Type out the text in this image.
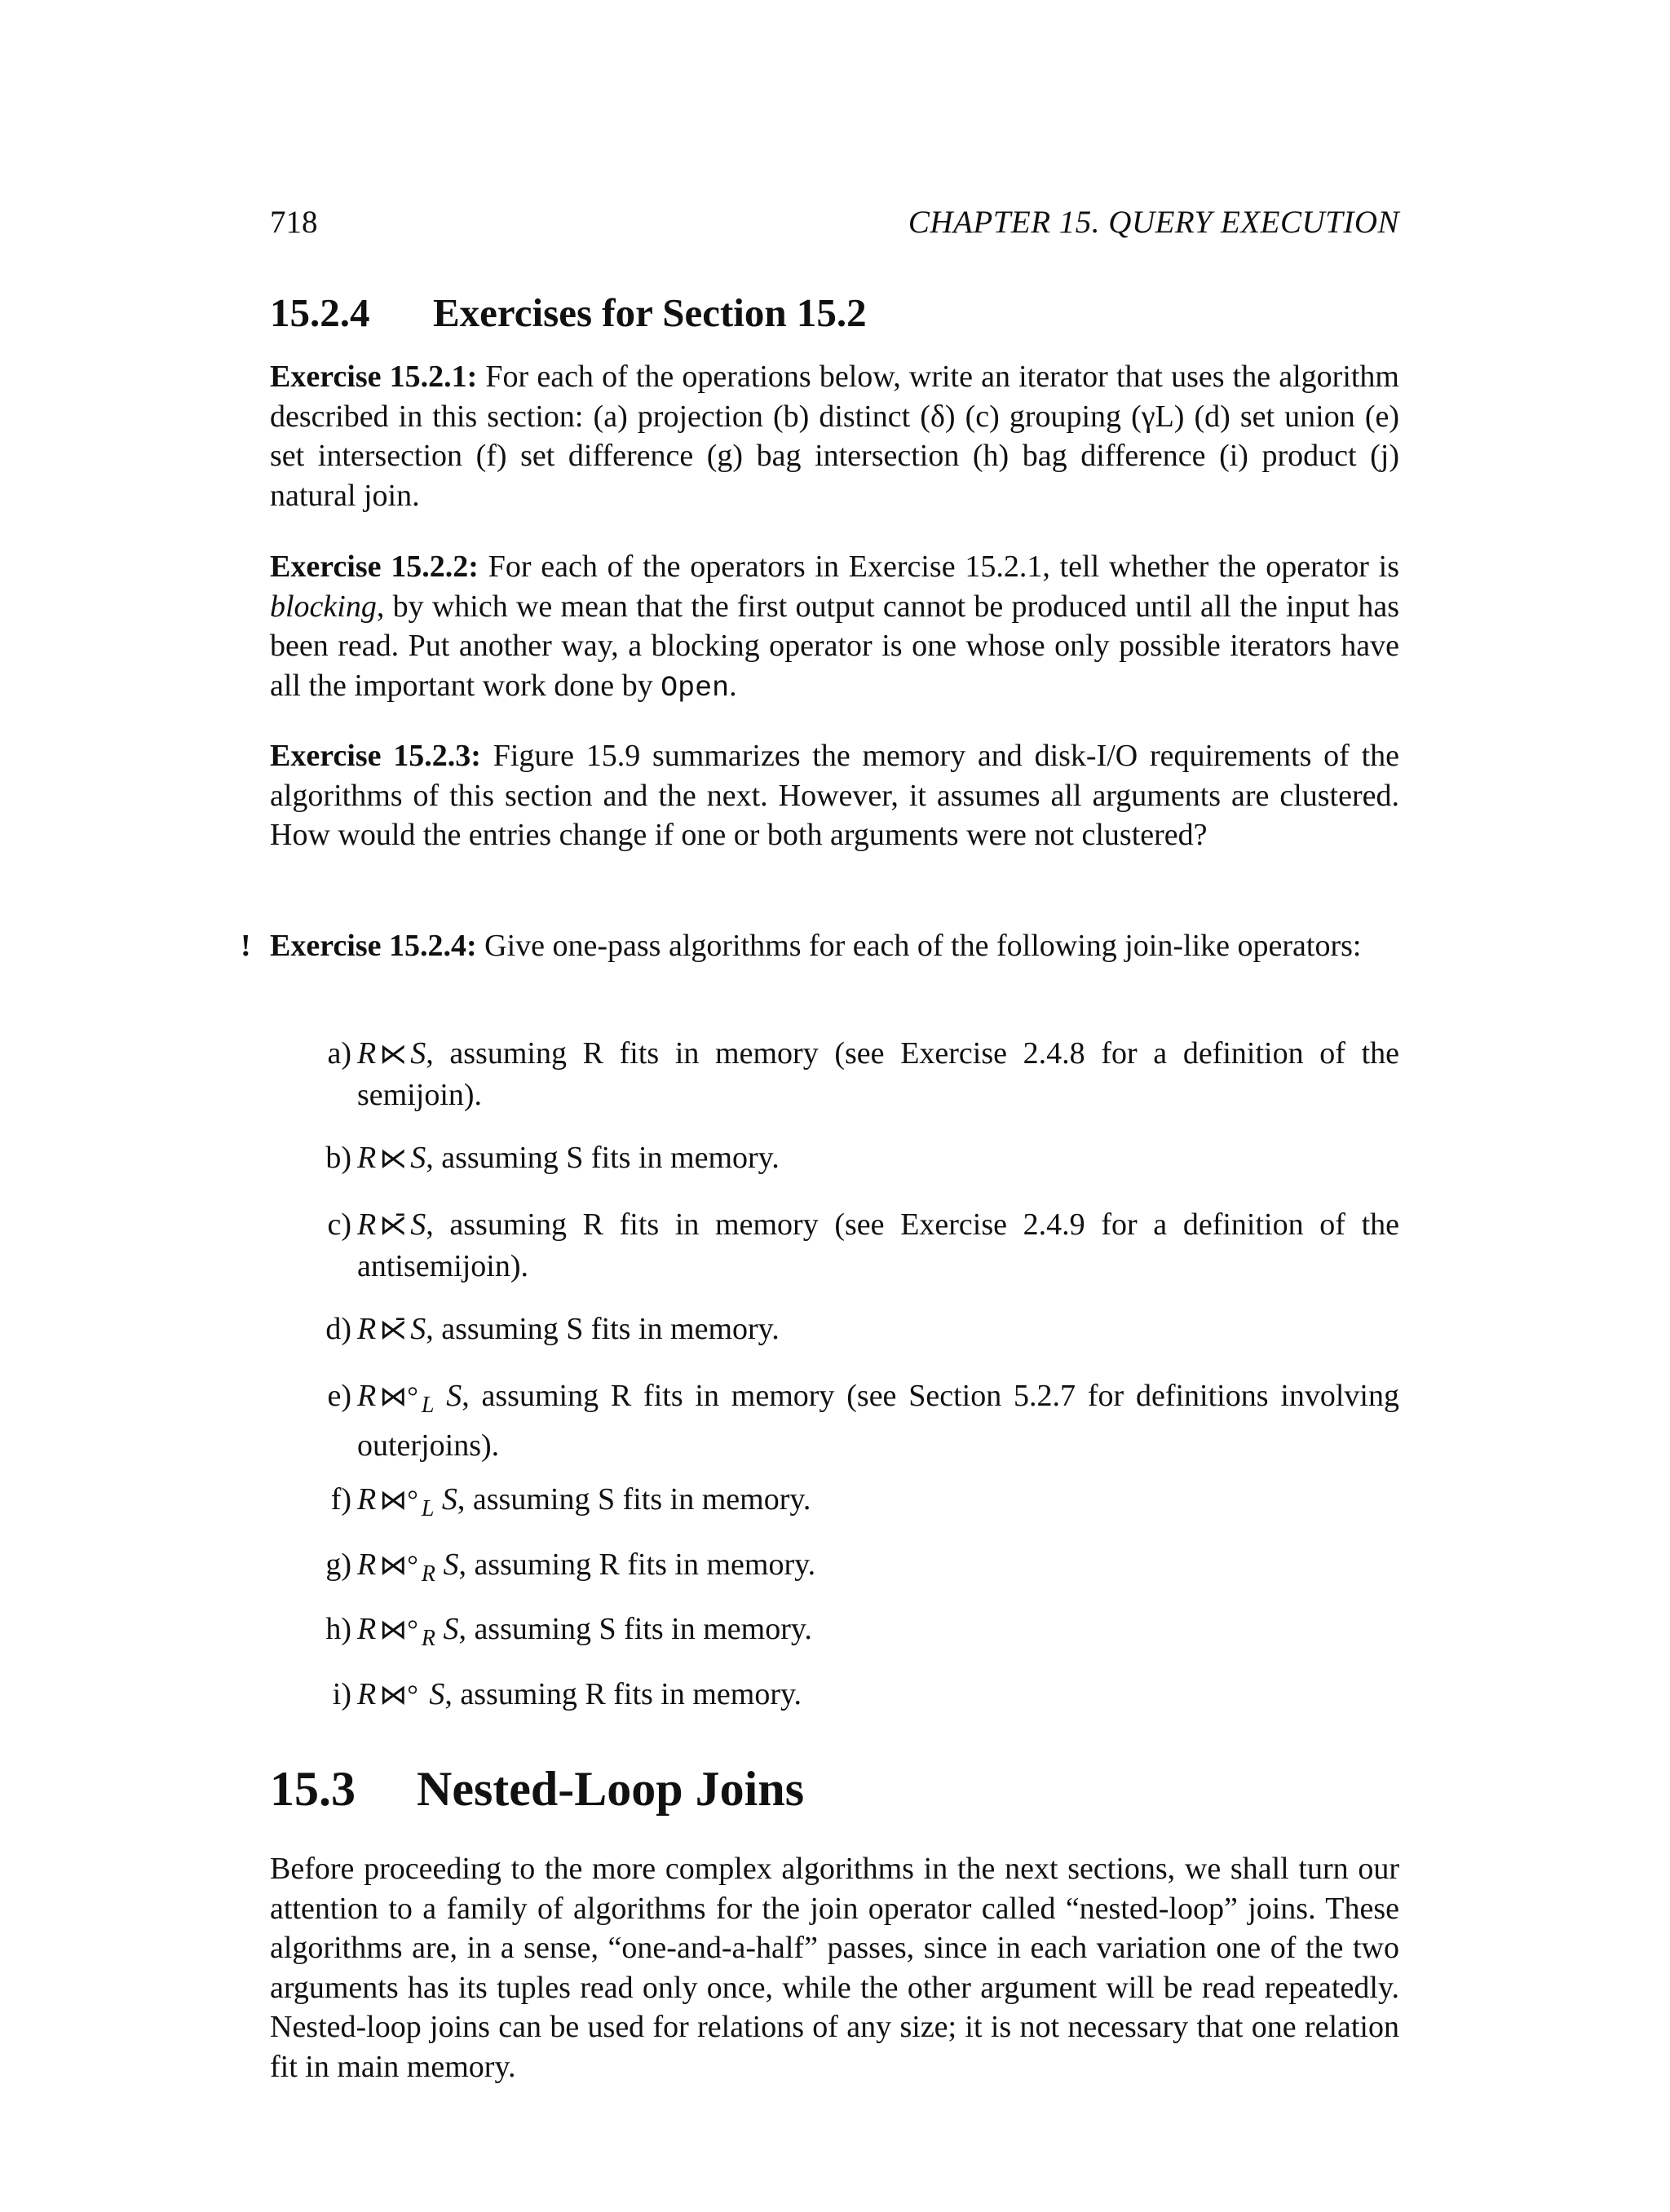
718	CHAPTER 15. QUERY EXECUTION
15.2.4 Exercises for Section 15.2
Exercise 15.2.1: For each of the operations below, write an iterator that uses the algorithm described in this section: (a) projection (b) distinct (δ) (c) grouping (γL) (d) set union (e) set intersection (f) set difference (g) bag intersection (h) bag difference (i) product (j) natural join.
Exercise 15.2.2: For each of the operators in Exercise 15.2.1, tell whether the operator is blocking, by which we mean that the first output cannot be produced until all the input has been read. Put another way, a blocking operator is one whose only possible iterators have all the important work done by Open.
Exercise 15.2.3: Figure 15.9 summarizes the memory and disk-I/O requirements of the algorithms of this section and the next. However, it assumes all arguments are clustered. How would the entries change if one or both arguments were not clustered?
! Exercise 15.2.4: Give one-pass algorithms for each of the following join-like operators:
a) R ⋉ S, assuming R fits in memory (see Exercise 2.4.8 for a definition of the semijoin).
b) R ⋉ S, assuming S fits in memory.
c) R ⋉̄ S, assuming R fits in memory (see Exercise 2.4.9 for a definition of the antisemijoin).
d) R ⋉̄ S, assuming S fits in memory.
e) R ⋈° $_L$ S, assuming R fits in memory (see Section 5.2.7 for definitions involving outerjoins).
f) R ⋈° $_L$ S, assuming S fits in memory.
g) R ⋈° $_R$ S, assuming R fits in memory.
h) R ⋈° $_R$ S, assuming S fits in memory.
i) R ⋈° S, assuming R fits in memory.
15.3 Nested-Loop Joins
Before proceeding to the more complex algorithms in the next sections, we shall turn our attention to a family of algorithms for the join operator called “nested-loop” joins. These algorithms are, in a sense, “one-and-a-half” passes, since in each variation one of the two arguments has its tuples read only once, while the other argument will be read repeatedly. Nested-loop joins can be used for relations of any size; it is not necessary that one relation fit in main memory.
